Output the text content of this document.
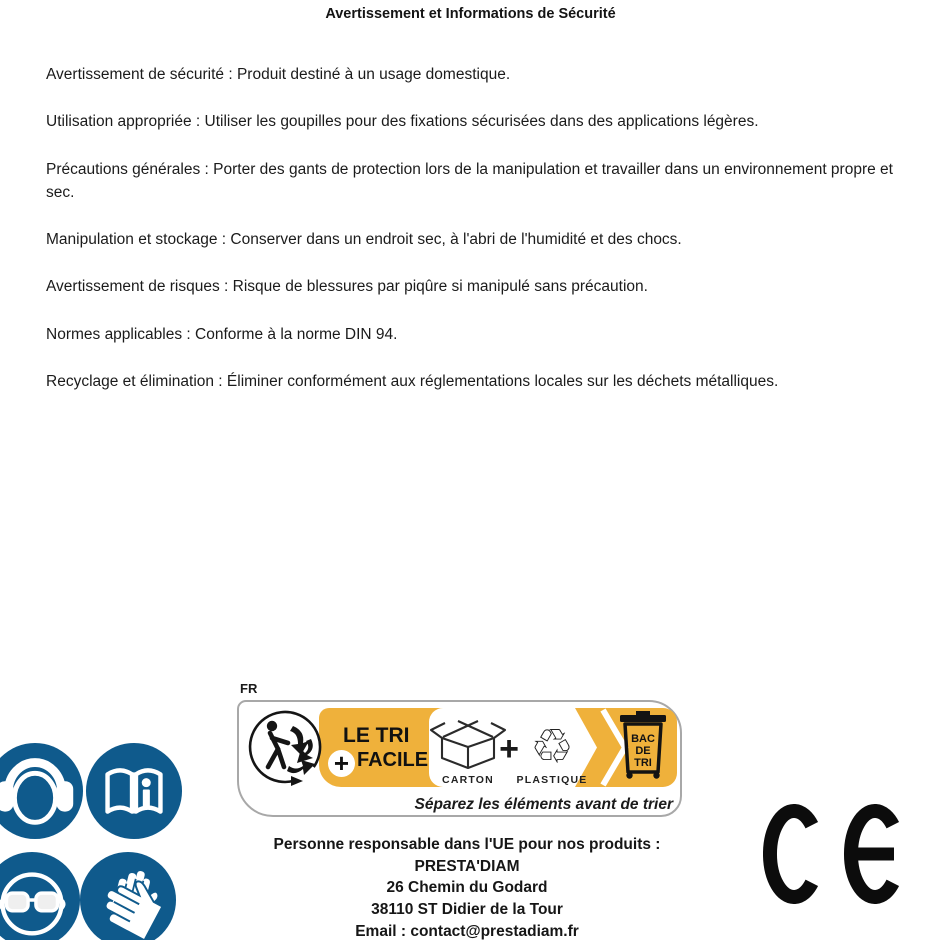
Avertissement et Informations de Sécurité

Avertissement de sécurité : Produit destiné à un usage domestique.

Utilisation appropriée : Utiliser les goupilles pour des fixations sécurisées dans des applications légères.

Précautions générales : Porter des gants de protection lors de la manipulation et travailler dans un environnement propre et sec.

Manipulation et stockage : Conserver dans un endroit sec, à l'abri de l'humidité et des chocs.

Avertissement de risques : Risque de blessures par piqûre si manipulé sans précaution.

Normes applicables : Conforme à la norme DIN 94.

Recyclage et élimination : Éliminer conformément aux réglementations locales sur les déchets métalliques.

FR
LE TRI
+ FACILE
CARTON
+ ♲
PLASTIQUE
BAC
DE
TRI
Séparez les éléments avant de trier
Personne responsable dans l'UE pour nos produits :
PRESTA'DIAM
26 Chemin du Godard
38110 ST Didier de la Tour
Email : contact@prestadiam.fr
